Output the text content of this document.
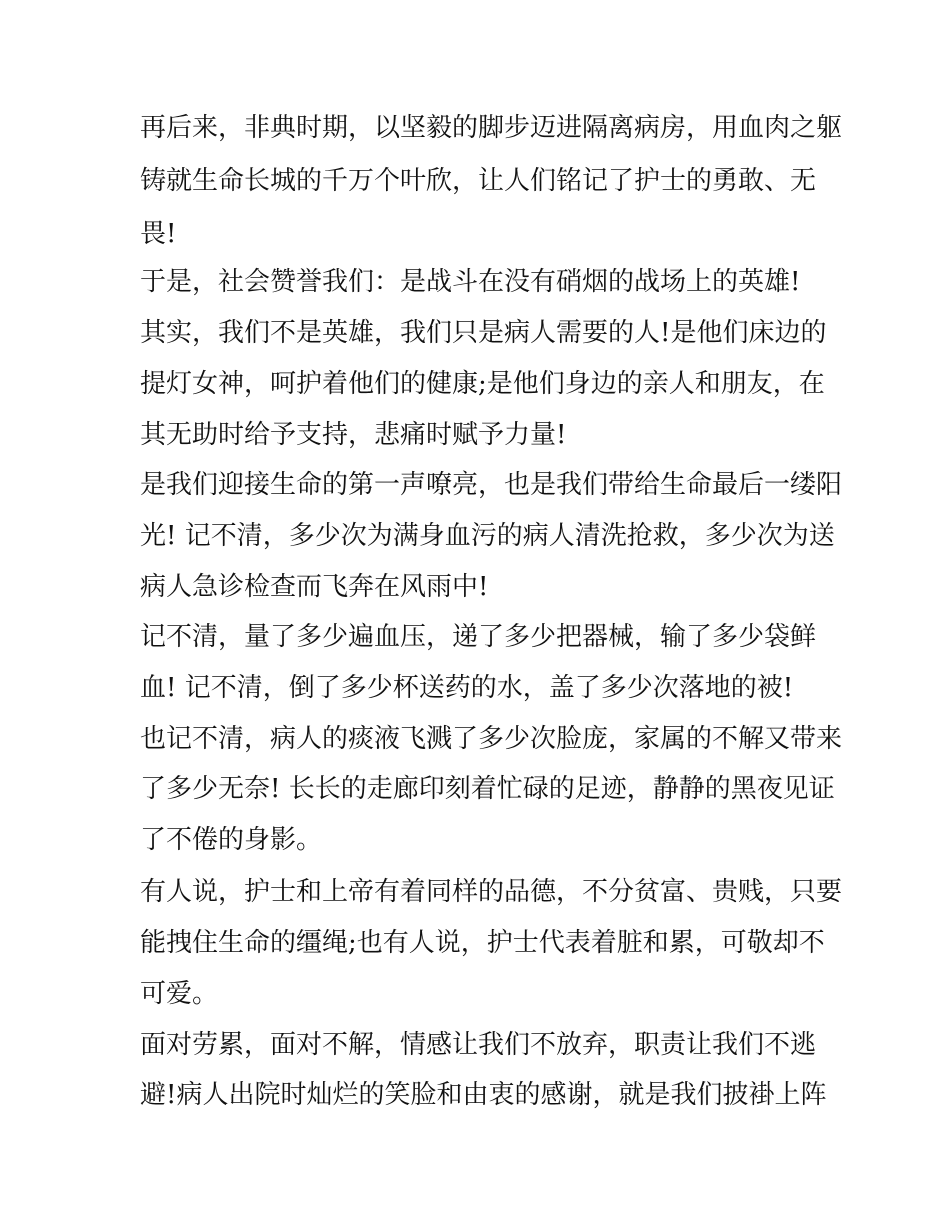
再后来，非典时期，以坚毅的脚步迈进隔离病房，用血肉之躯
铸就生命长城的千万个叶欣，让人们铭记了护士的勇敢、无
畏!
于是，社会赞誉我们：是战斗在没有硝烟的战场上的英雄!
其实，我们不是英雄，我们只是病人需要的人!是他们床边的
提灯女神，呵护着他们的健康;是他们身边的亲人和朋友，在
其无助时给予支持，悲痛时赋予力量!
是我们迎接生命的第一声嘹亮，也是我们带给生命最后一缕阳
光! 记不清，多少次为满身血污的病人清洗抢救，多少次为送
病人急诊检查而飞奔在风雨中!
记不清，量了多少遍血压，递了多少把器械，输了多少袋鲜
血! 记不清，倒了多少杯送药的水，盖了多少次落地的被!
也记不清，病人的痰液飞溅了多少次脸庞，家属的不解又带来
了多少无奈! 长长的走廊印刻着忙碌的足迹，静静的黑夜见证
了不倦的身影。
有人说，护士和上帝有着同样的品德，不分贫富、贵贱，只要
能拽住生命的缰绳;也有人说，护士代表着脏和累，可敬却不
可爱。
面对劳累，面对不解，情感让我们不放弃，职责让我们不逃
避!病人出院时灿烂的笑脸和由衷的感谢，就是我们披褂上阵
